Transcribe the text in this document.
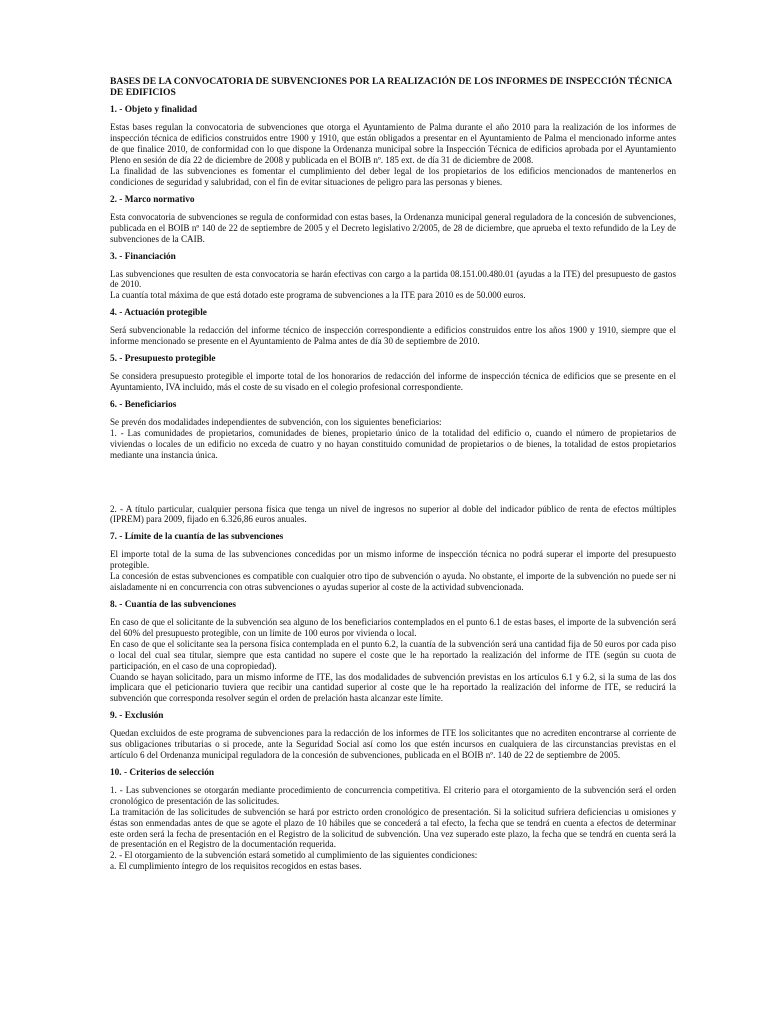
BASES DE LA CONVOCATORIA DE SUBVENCIONES POR LA REALIZACIÓN DE LOS INFORMES DE INSPECCIÓN TÉCNICA DE EDIFICIOS
1. - Objeto y finalidad

Estas bases regulan la convocatoria de subvenciones que otorga el Ayuntamiento de Palma durante el año 2010 para la realización de los informes de inspección técnica de edificios construidos entre 1900 y 1910, que están obligados a presentar en el Ayuntamiento de Palma el mencionado informe antes de que finalice 2010, de conformidad con lo que dispone la Ordenanza municipal sobre la Inspección Técnica de edificios aprobada por el Ayuntamiento Pleno en sesión de día 22 de diciembre de 2008 y publicada en el BOIB nº. 185 ext. de día 31 de diciembre de 2008.

La finalidad de las subvenciones es fomentar el cumplimiento del deber legal de los propietarios de los edificios mencionados de mantenerlos en condiciones de seguridad y salubridad, con el fin de evitar situaciones de peligro para las personas y bienes.

2. - Marco normativo

Esta convocatoria de subvenciones se regula de conformidad con estas bases, la Ordenanza municipal general reguladora de la concesión de subvenciones, publicada en el BOIB nº 140 de 22 de septiembre de 2005 y el Decreto legislativo 2/2005, de 28 de diciembre, que aprueba el texto refundido de la Ley de subvenciones de la CAIB.

3. - Financiación

Las subvenciones que resulten de esta convocatoria se harán efectivas con cargo a la partida 08.151.00.480.01 (ayudas a la ITE) del presupuesto de gastos de 2010.

La cuantía total máxima de que está dotado este programa de subvenciones a la ITE para 2010 es de 50.000 euros.

4. - Actuación protegible

Será subvencionable la redacción del informe técnico de inspección correspondiente a edificios construidos entre los años 1900 y 1910, siempre que el informe mencionado se presente en el Ayuntamiento de Palma antes de día 30 de septiembre de 2010.

5. - Presupuesto protegible

Se considera presupuesto protegible el importe total de los honorarios de redacción del informe de inspección técnica de edificios que se presente en el Ayuntamiento, IVA incluido, más el coste de su visado en el colegio profesional correspondiente.

6. - Beneficiarios

Se prevén dos modalidades independientes de subvención, con los siguientes beneficiarios:

1. - Las comunidades de propietarios, comunidades de bienes, propietario único de la totalidad del edificio o, cuando el número de propietarios de viviendas o locales de un edificio no exceda de cuatro y no hayan constituido comunidad de propietarios o de bienes, la totalidad de estos propietarios mediante una instancia única.

2. - A título particular, cualquier persona física que tenga un nivel de ingresos no superior al doble del indicador público de renta de efectos múltiples (IPREM) para 2009, fijado en 6.326,86 euros anuales.

7. - Límite de la cuantía de las subvenciones

El importe total de la suma de las subvenciones concedidas por un mismo informe de inspección técnica no podrá superar el importe del presupuesto protegible.

La concesión de estas subvenciones es compatible con cualquier otro tipo de subvención o ayuda. No obstante, el importe de la subvención no puede ser ni aisladamente ni en concurrencia con otras subvenciones o ayudas superior al coste de la actividad subvencionada.

8. - Cuantía de las subvenciones

En caso de que el solicitante de la subvención sea alguno de los beneficiarios contemplados en el punto 6.1 de estas bases, el importe de la subvención será del 60% del presupuesto protegible, con un límite de 100 euros por vivienda o local.

En caso de que el solicitante sea la persona física contemplada en el punto 6.2, la cuantía de la subvención será una cantidad fija de 50 euros por cada piso o local del cual sea titular, siempre que esta cantidad no supere el coste que le ha reportado la realización del informe de ITE (según su cuota de participación, en el caso de una copropiedad).

Cuando se hayan solicitado, para un mismo informe de ITE, las dos modalidades de subvención previstas en los artículos 6.1 y 6.2, si la suma de las dos implicara que el peticionario tuviera que recibir una cantidad superior al coste que le ha reportado la realización del informe de ITE, se reducirá la subvención que corresponda resolver según el orden de prelación hasta alcanzar este límite.

9. - Exclusión

Quedan excluidos de este programa de subvenciones para la redacción de los informes de ITE los solicitantes que no acrediten encontrarse al corriente de sus obligaciones tributarias o si procede, ante la Seguridad Social así como los que estén incursos en cualquiera de las circunstancias previstas en el artículo 6 del Ordenanza municipal reguladora de la concesión de subvenciones, publicada en el BOIB nº. 140 de 22 de septiembre de 2005.

10. - Criterios de selección

1. - Las subvenciones se otorgarán mediante procedimiento de concurrencia competitiva. El criterio para el otorgamiento de la subvención será el orden cronológico de presentación de las solicitudes.

La tramitación de las solicitudes de subvención se hará por estricto orden cronológico de presentación. Si la solicitud sufriera deficiencias u omisiones y éstas son enmendadas antes de que se agote el plazo de 10 hábiles que se concederá a tal efecto, la fecha que se tendrá en cuenta a efectos de determinar este orden será la fecha de presentación en el Registro de la solicitud de subvención. Una vez superado este plazo, la fecha que se tendrá en cuenta será la de presentación en el Registro de la documentación requerida.

2. - El otorgamiento de la subvención estará sometido al cumplimiento de las siguientes condiciones:

a. El cumplimiento íntegro de los requisitos recogidos en estas bases.
